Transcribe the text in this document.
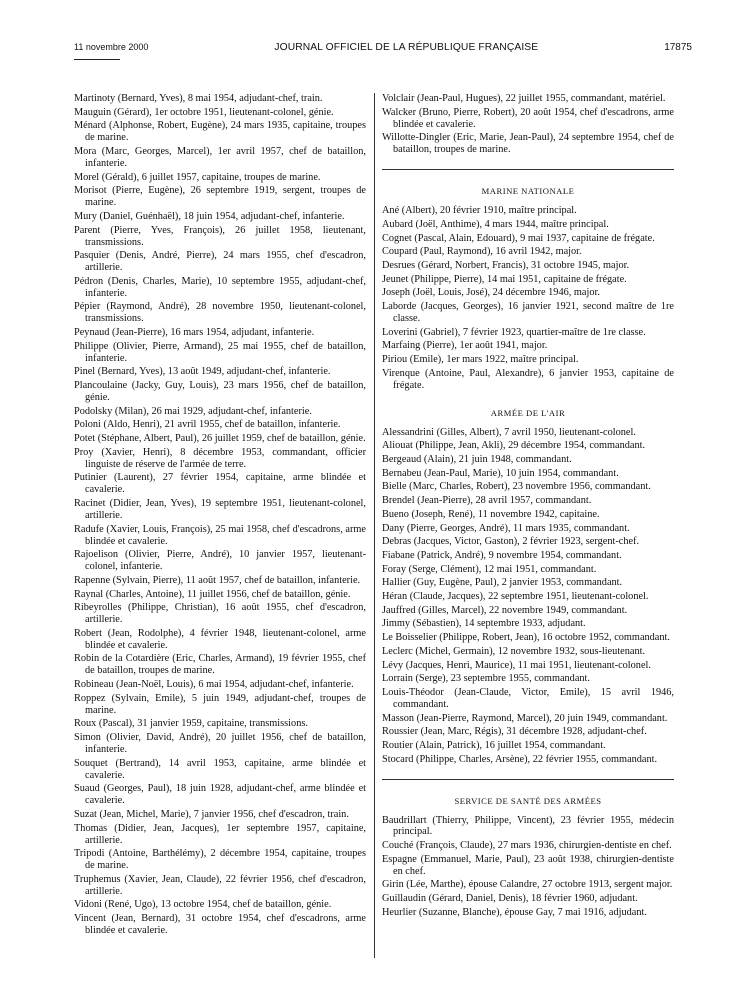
11 novembre 2000	JOURNAL OFFICIEL DE LA RÉPUBLIQUE FRANÇAISE	17875

Martinoty (Bernard, Yves), 8 mai 1954, adjudant-chef, train.

Mauguin (Gérard), 1er octobre 1951, lieutenant-colonel, génie.

Ménard (Alphonse, Robert, Eugène), 24 mars 1935, capitaine, troupes de marine.

Mora (Marc, Georges, Marcel), 1er avril 1957, chef de bataillon, infanterie.

Morel (Gérald), 6 juillet 1957, capitaine, troupes de marine.

Morisot (Pierre, Eugène), 26 septembre 1919, sergent, troupes de marine.

Mury (Daniel, Guénhaël), 18 juin 1954, adjudant-chef, infanterie.

Parent (Pierre, Yves, François), 26 juillet 1958, lieutenant, transmissions.

Pasquier (Denis, André, Pierre), 24 mars 1955, chef d'escadron, artillerie.

Pédron (Denis, Charles, Marie), 10 septembre 1955, adjudant-chef, infanterie.

Pépier (Raymond, André), 28 novembre 1950, lieutenant-colonel, transmissions.

Peynaud (Jean-Pierre), 16 mars 1954, adjudant, infanterie.

Philippe (Olivier, Pierre, Armand), 25 mai 1955, chef de bataillon, infanterie.

Pinel (Bernard, Yves), 13 août 1949, adjudant-chef, infanterie.

Plancoulaine (Jacky, Guy, Louis), 23 mars 1956, chef de bataillon, génie.

Podolsky (Milan), 26 mai 1929, adjudant-chef, infanterie.

Poloni (Aldo, Henri), 21 avril 1955, chef de bataillon, infanterie.

Potet (Stéphane, Albert, Paul), 26 juillet 1959, chef de bataillon, génie.

Proy (Xavier, Henri), 8 décembre 1953, commandant, officier linguiste de réserve de l'armée de terre.

Putinier (Laurent), 27 février 1954, capitaine, arme blindée et cavalerie.

Racinet (Didier, Jean, Yves), 19 septembre 1951, lieutenant-colonel, artillerie.

Radufe (Xavier, Louis, François), 25 mai 1958, chef d'escadrons, arme blindée et cavalerie.

Rajoelison (Olivier, Pierre, André), 10 janvier 1957, lieutenant-colonel, infanterie.

Rapenne (Sylvain, Pierre), 11 août 1957, chef de bataillon, infanterie.

Raynal (Charles, Antoine), 11 juillet 1956, chef de bataillon, génie.

Ribeyrolles (Philippe, Christian), 16 août 1955, chef d'escadron, artillerie.

Robert (Jean, Rodolphe), 4 février 1948, lieutenant-colonel, arme blindée et cavalerie.

Robin de la Cotardière (Eric, Charles, Armand), 19 février 1955, chef de bataillon, troupes de marine.

Robineau (Jean-Noël, Louis), 6 mai 1954, adjudant-chef, infanterie.

Roppez (Sylvain, Emile), 5 juin 1949, adjudant-chef, troupes de marine.

Roux (Pascal), 31 janvier 1959, capitaine, transmissions.

Simon (Olivier, David, André), 20 juillet 1956, chef de bataillon, infanterie.

Souquet (Bertrand), 14 avril 1953, capitaine, arme blindée et cavalerie.

Suaud (Georges, Paul), 18 juin 1928, adjudant-chef, arme blindée et cavalerie.

Suzat (Jean, Michel, Marie), 7 janvier 1956, chef d'escadron, train.

Thomas (Didier, Jean, Jacques), 1er septembre 1957, capitaine, artillerie.

Tripodi (Antoine, Barthélémy), 2 décembre 1954, capitaine, troupes de marine.

Truphemus (Xavier, Jean, Claude), 22 février 1956, chef d'escadron, artillerie.

Vidoni (René, Ugo), 13 octobre 1954, chef de bataillon, génie.

Vincent (Jean, Bernard), 31 octobre 1954, chef d'escadrons, arme blindée et cavalerie.

Volclair (Jean-Paul, Hugues), 22 juillet 1955, commandant, matériel.

Walcker (Bruno, Pierre, Robert), 20 août 1954, chef d'escadrons, arme blindée et cavalerie.

Willotte-Dingler (Eric, Marie, Jean-Paul), 24 septembre 1954, chef de bataillon, troupes de marine.

MARINE NATIONALE

Ané (Albert), 20 février 1910, maître principal.

Aubard (Joël, Anthime), 4 mars 1944, maître principal.

Cognet (Pascal, Alain, Edouard), 9 mai 1937, capitaine de frégate.

Coupard (Paul, Raymond), 16 avril 1942, major.

Desrues (Gérard, Norbert, Francis), 31 octobre 1945, major.

Jeunet (Philippe, Pierre), 14 mai 1951, capitaine de frégate.

Joseph (Joël, Louis, José), 24 décembre 1946, major.

Laborde (Jacques, Georges), 16 janvier 1921, second maître de 1re classe.

Loverini (Gabriel), 7 février 1923, quartier-maître de 1re classe.

Marfaing (Pierre), 1er août 1941, major.

Piriou (Emile), 1er mars 1922, maître principal.

Virenque (Antoine, Paul, Alexandre), 6 janvier 1953, capitaine de frégate.

ARMÉE DE L'AIR

Alessandrini (Gilles, Albert), 7 avril 1950, lieutenant-colonel.

Aliouat (Philippe, Jean, Akli), 29 décembre 1954, commandant.

Bergeaud (Alain), 21 juin 1948, commandant.

Bernabeu (Jean-Paul, Marie), 10 juin 1954, commandant.

Bielle (Marc, Charles, Robert), 23 novembre 1956, commandant.

Brendel (Jean-Pierre), 28 avril 1957, commandant.

Bueno (Joseph, René), 11 novembre 1942, capitaine.

Dany (Pierre, Georges, André), 11 mars 1935, commandant.

Debras (Jacques, Victor, Gaston), 2 février 1923, sergent-chef.

Fiabane (Patrick, André), 9 novembre 1954, commandant.

Foray (Serge, Clément), 12 mai 1951, commandant.

Hallier (Guy, Eugène, Paul), 2 janvier 1953, commandant.

Héran (Claude, Jacques), 22 septembre 1951, lieutenant-colonel.

Jauffred (Gilles, Marcel), 22 novembre 1949, commandant.

Jimmy (Sébastien), 14 septembre 1933, adjudant.

Le Boisselier (Philippe, Robert, Jean), 16 octobre 1952, commandant.

Leclerc (Michel, Germain), 12 novembre 1932, sous-lieutenant.

Lévy (Jacques, Henri, Maurice), 11 mai 1951, lieutenant-colonel.

Lorrain (Serge), 23 septembre 1955, commandant.

Louis-Théodor (Jean-Claude, Victor, Emile), 15 avril 1946, commandant.

Masson (Jean-Pierre, Raymond, Marcel), 20 juin 1949, commandant.

Roussier (Jean, Marc, Régis), 31 décembre 1928, adjudant-chef.

Routier (Alain, Patrick), 16 juillet 1954, commandant.

Stocard (Philippe, Charles, Arsène), 22 février 1955, commandant.

SERVICE DE SANTÉ DES ARMÉES

Baudrillart (Thierry, Philippe, Vincent), 23 février 1955, médecin principal.

Couché (François, Claude), 27 mars 1936, chirurgien-dentiste en chef.

Espagne (Emmanuel, Marie, Paul), 23 août 1938, chirurgien-dentiste en chef.

Girin (Lée, Marthe), épouse Calandre, 27 octobre 1913, sergent major.

Guillaudin (Gérard, Daniel, Denis), 18 février 1960, adjudant.

Heurlier (Suzanne, Blanche), épouse Gay, 7 mai 1916, adjudant.
